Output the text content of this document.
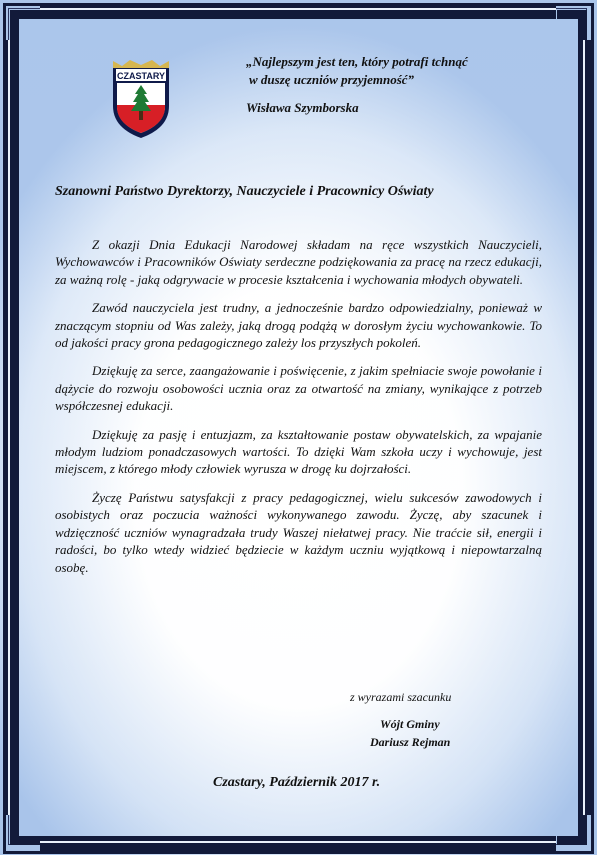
CZASTARY
„Najlepszym jest ten, który potrafi tchnąć
w duszę uczniów przyjemność”
Wisława Szymborska
Szanowni Państwo Dyrektorzy, Nauczyciele i Pracownicy Oświaty

Z okazji Dnia Edukacji Narodowej składam na ręce wszystkich Nauczycieli, Wychowawców i Pracowników Oświaty serdeczne podziękowania za pracę na rzecz edukacji, za ważną rolę - jaką odgrywacie w procesie kształcenia i wychowania młodych obywateli.

Zawód nauczyciela jest trudny, a jednocześnie bardzo odpowiedzialny, ponieważ w znaczącym stopniu od Was zależy, jaką drogą podążą w dorosłym życiu wychowankowie. To od jakości pracy grona pedagogicznego zależy los przyszłych pokoleń.

Dziękuję za serce, zaangażowanie i poświęcenie, z jakim spełniacie swoje powołanie i dążycie do rozwoju osobowości ucznia oraz za otwartość na zmiany, wynikające z potrzeb współczesnej edukacji.

Dziękuję za pasję i entuzjazm, za kształtowanie postaw obywatelskich, za wpajanie młodym ludziom ponadczasowych wartości. To dzięki Wam szkoła uczy i wychowuje, jest miejscem, z którego młody człowiek wyrusza w drogę ku dojrzałości.

Życzę Państwu satysfakcji z pracy pedagogicznej, wielu sukcesów zawodowych i osobistych oraz poczucia ważności wykonywanego zawodu. Życzę, aby szacunek i wdzięczność uczniów wynagradzała trudy Waszej niełatwej pracy. Nie traćcie sił, energii i radości, bo tylko wtedy widzieć będziecie w każdym uczniu wyjątkową i niepowtarzalną osobę.

z wyrazami szacunku
Wójt Gminy
Dariusz Rejman
Czastary, Październik 2017 r.
